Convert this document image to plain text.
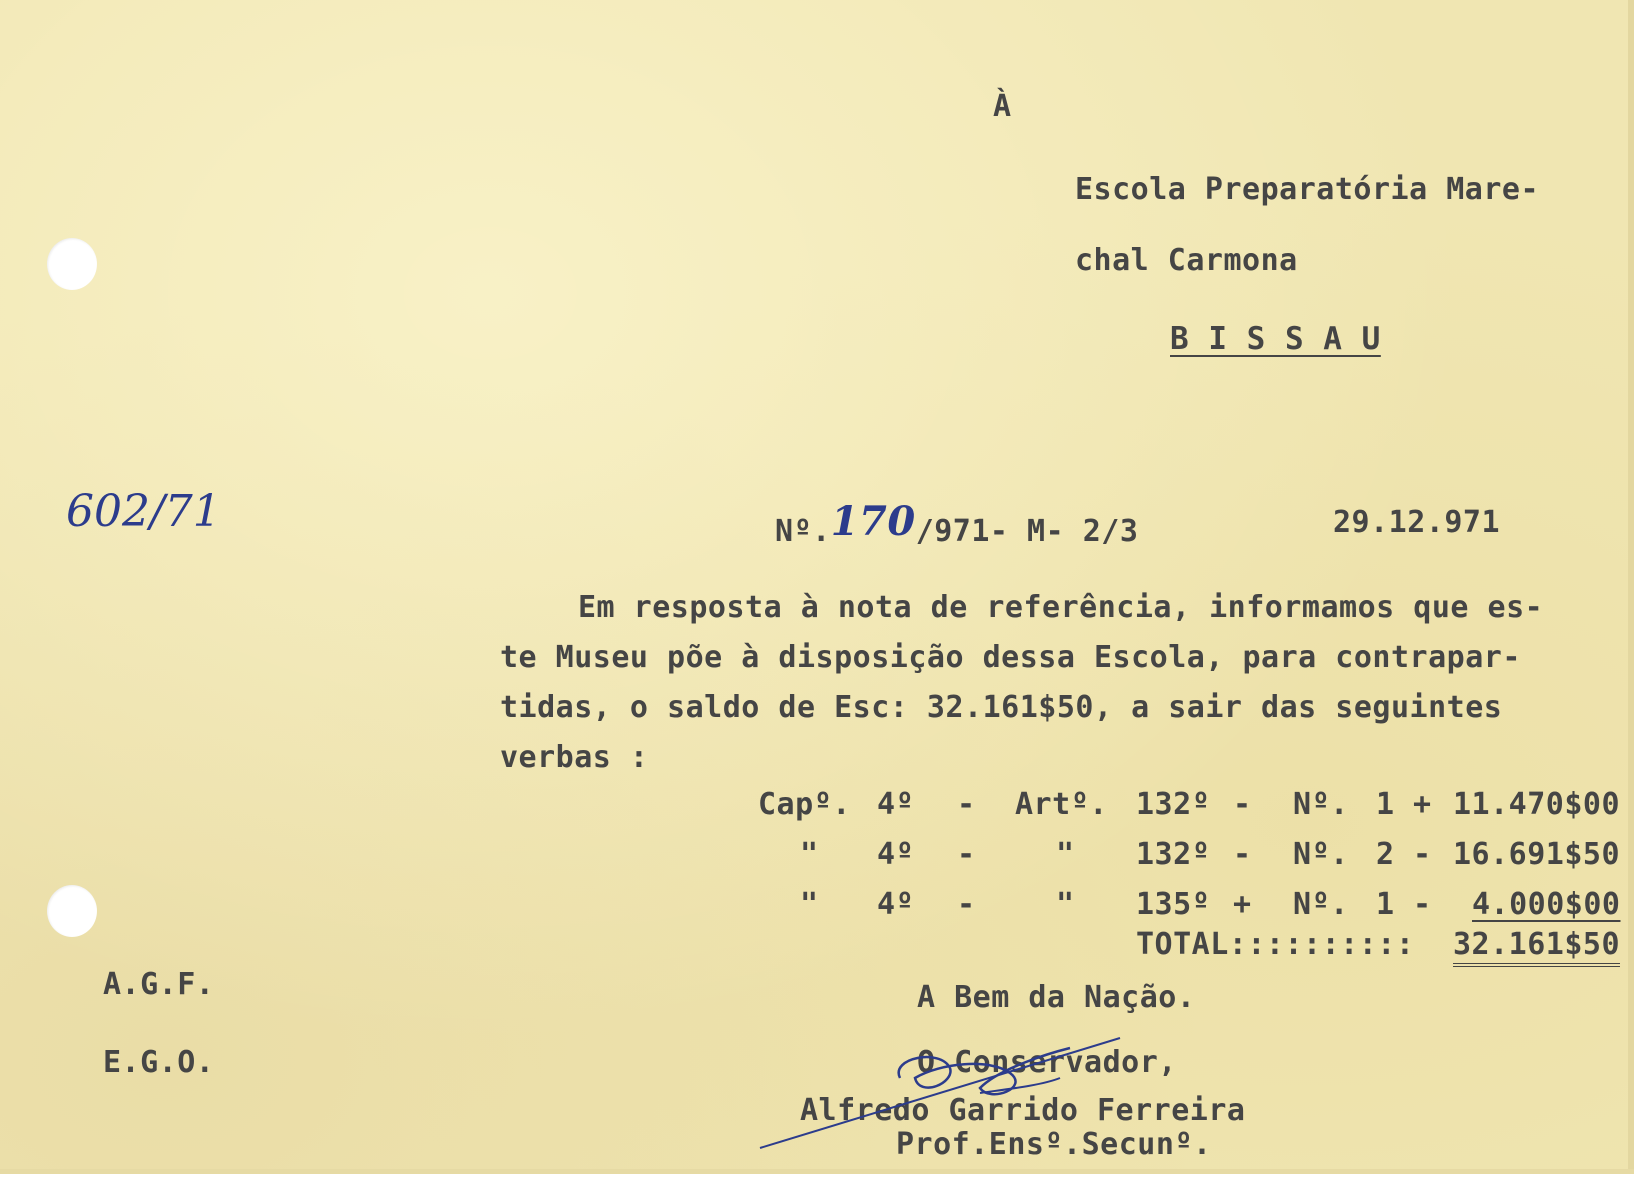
À
Escola Preparatória Mare-
chal Carmona
B I S S A U
602/71	Nº.170/971- M- 2/3	29.12.971
Em resposta à nota de referência, informamos que es-
te Museu põe à disposição dessa Escola, para contrapar-
tidas, o saldo de Esc: 32.161$50, a sair das seguintes
verbas :
Capº. 4º - Artº. 132º - Nº. 1 + 11.470$00
" 4º -	" 132º - Nº. 2 - 16.691$50
" 4º -	" 135º + Nº. 1 - 4.000$00
TOTAL:::::::::: 32.161$50
A Bem da Nação.
O Conservador,
Alfredo Garrido Ferreira
Prof.Ensº.Secunº.
A.G.F.
E.G.O.
